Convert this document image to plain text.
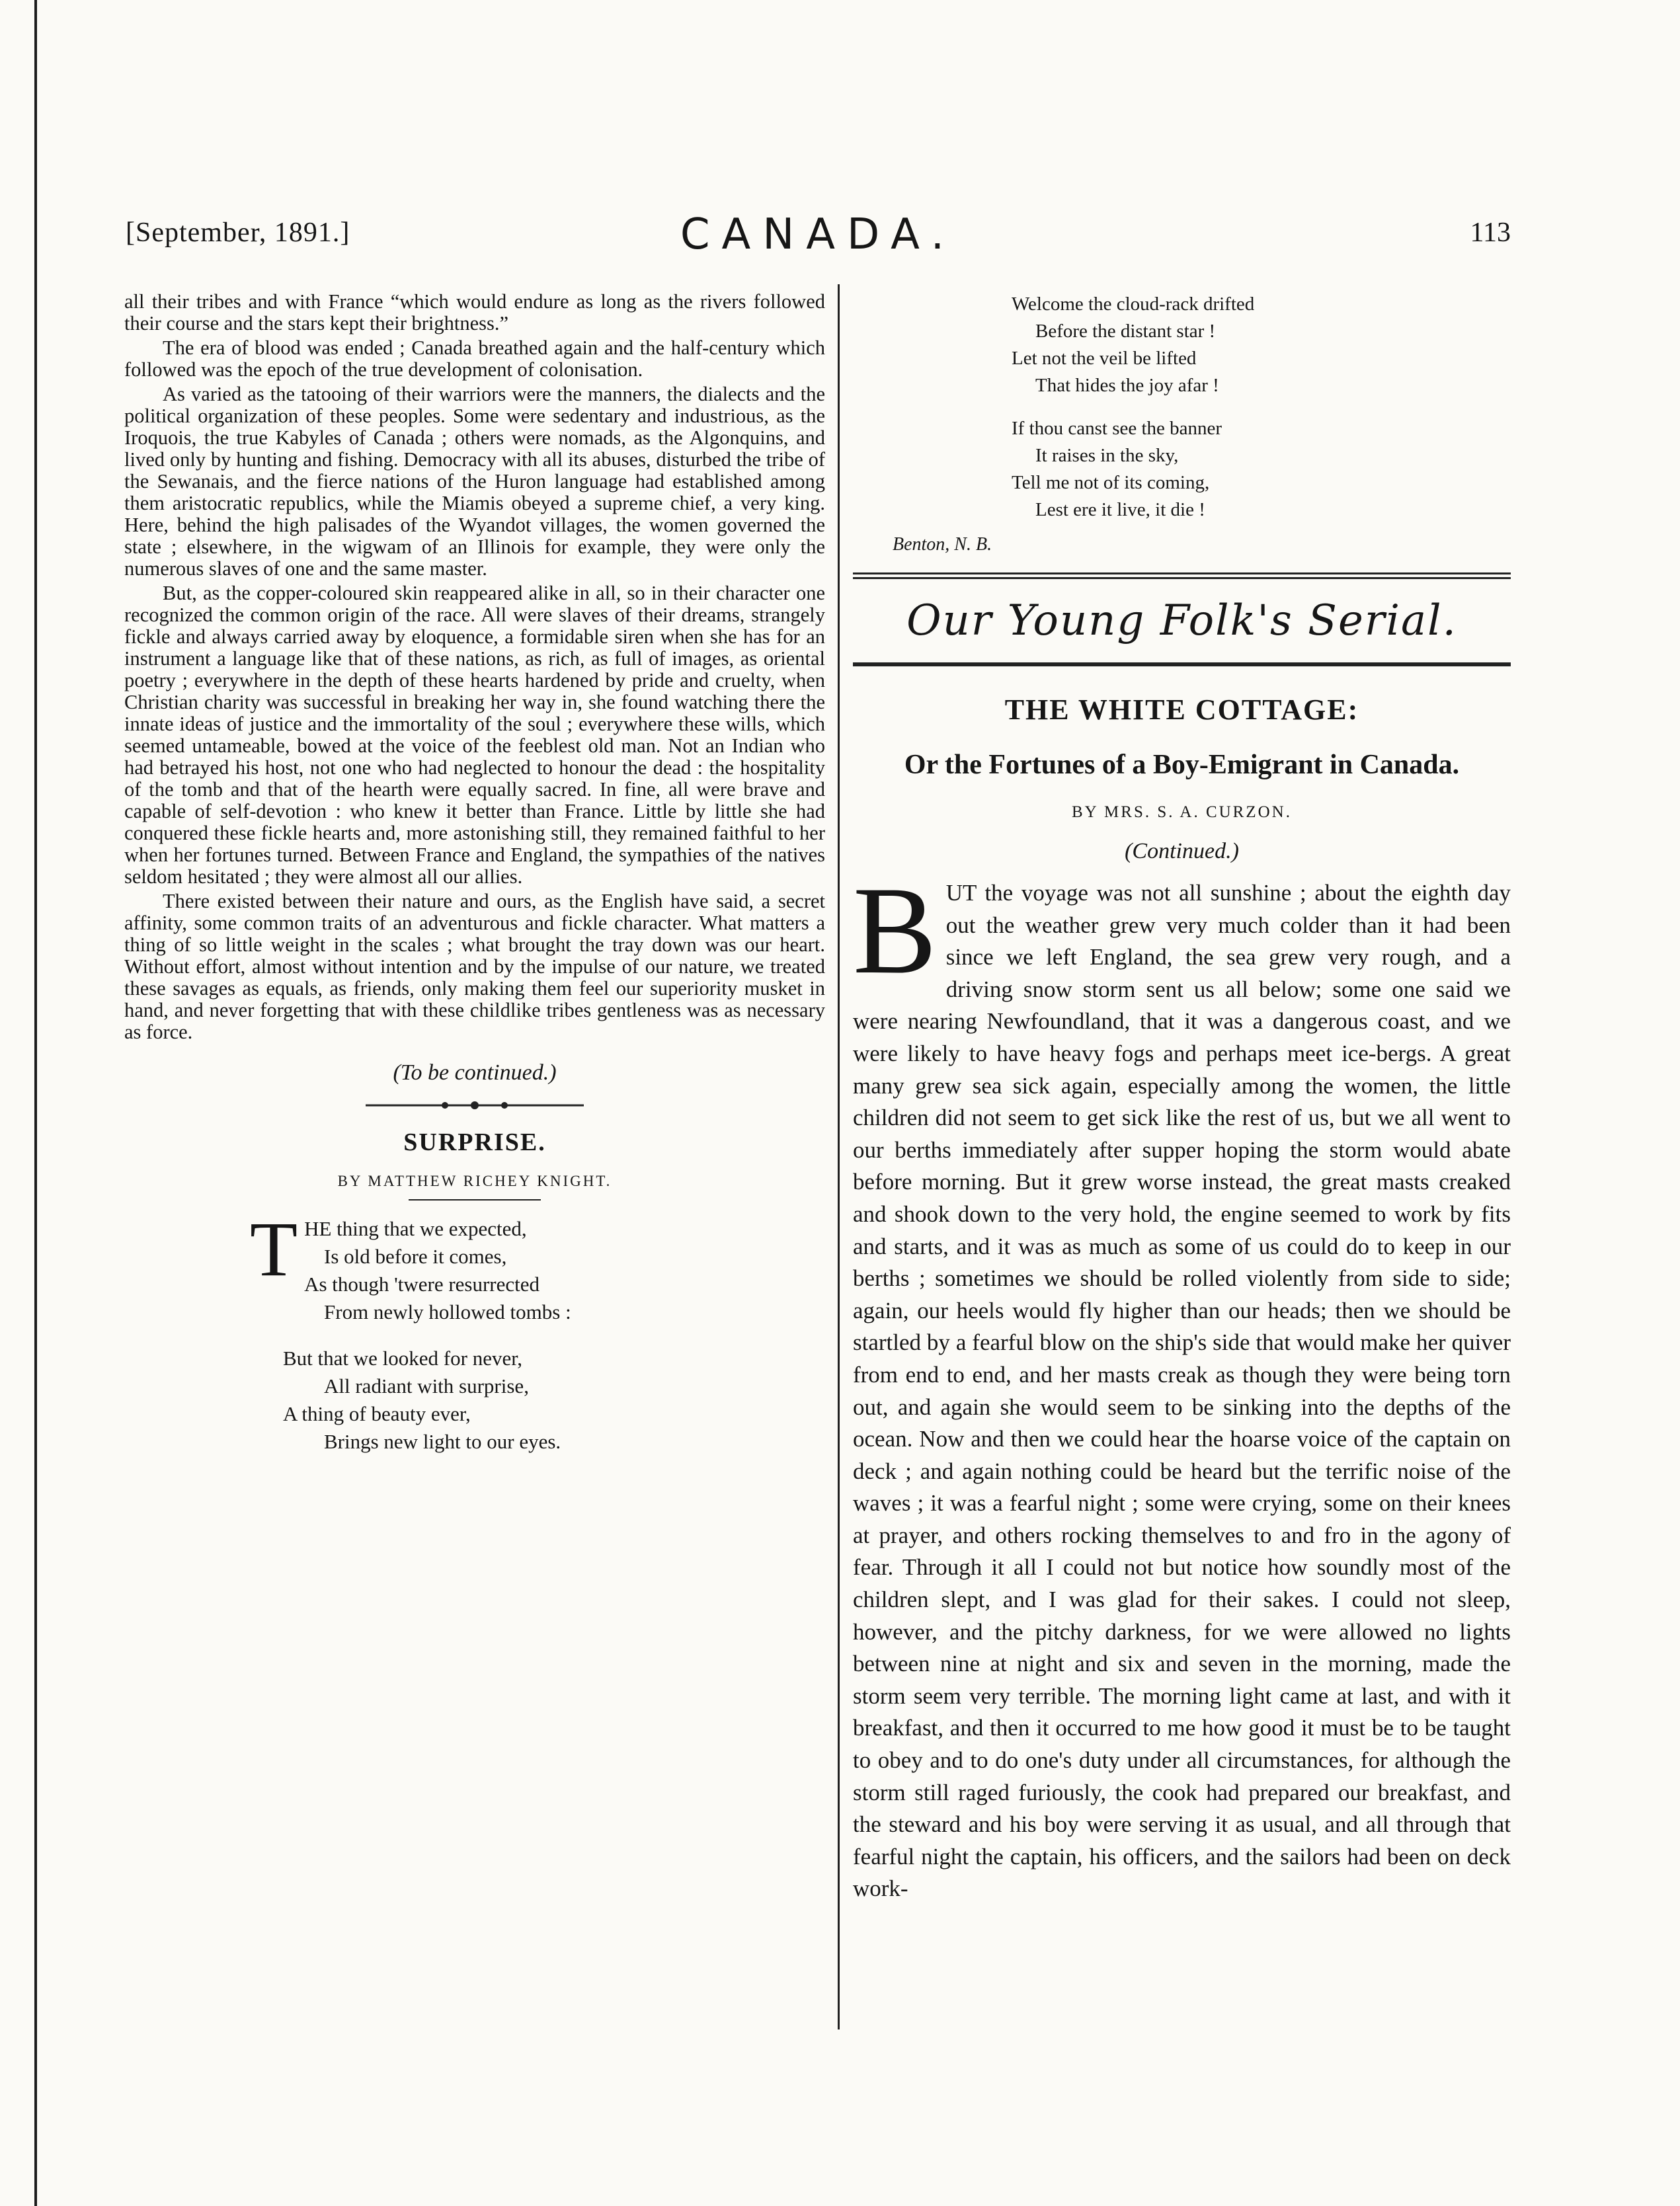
[September, 1891.]	CANADA.	113

all their tribes and with France “which would endure as long as the rivers followed their course and the stars kept their brightness.”

The era of blood was ended ; Canada breathed again and the half-century which followed was the epoch of the true development of colonisation.

As varied as the tatooing of their warriors were the manners, the dialects and the political organization of these peoples. Some were sedentary and industrious, as the Iroquois, the true Kabyles of Canada ; others were nomads, as the Algonquins, and lived only by hunting and fishing. Democracy with all its abuses, disturbed the tribe of the Sewanais, and the fierce nations of the Huron language had established among them aristocratic republics, while the Miamis obeyed a supreme chief, a very king. Here, behind the high palisades of the Wyandot villages, the women governed the state ; elsewhere, in the wigwam of an Illinois for example, they were only the numerous slaves of one and the same master.

But, as the copper-coloured skin reappeared alike in all, so in their character one recognized the common origin of the race. All were slaves of their dreams, strangely fickle and always carried away by eloquence, a formidable siren when she has for an instrument a language like that of these nations, as rich, as full of images, as oriental poetry ; everywhere in the depth of these hearts hardened by pride and cruelty, when Christian charity was successful in breaking her way in, she found watching there the innate ideas of justice and the immortality of the soul ; everywhere these wills, which seemed untameable, bowed at the voice of the feeblest old man. Not an Indian who had betrayed his host, not one who had neglected to honour the dead : the hospitality of the tomb and that of the hearth were equally sacred. In fine, all were brave and capable of self-devotion : who knew it better than France. Little by little she had conquered these fickle hearts and, more astonishing still, they remained faithful to her when her fortunes turned. Between France and England, the sympathies of the natives seldom hesitated ; they were almost all our allies.

There existed between their nature and ours, as the English have said, a secret affinity, some common traits of an adventurous and fickle character. What matters a thing of so little weight in the scales ; what brought the tray down was our heart. Without effort, almost without intention and by the impulse of our nature, we treated these savages as equals, as friends, only making them feel our superiority musket in hand, and never forgetting that with these childlike tribes gentleness was as necessary as force.

(To be continued.)
SURPRISE.
BY MATTHEW RICHEY KNIGHT.
T HE thing that we expected,
Is old before it comes,
As though 'twere resurrected
From newly hollowed tombs :
But that we looked for never,
All radiant with surprise,
A thing of beauty ever,
Brings new light to our eyes.
Welcome the cloud-rack drifted
Before the distant star !
Let not the veil be lifted
That hides the joy afar !
If thou canst see the banner
It raises in the sky,
Tell me not of its coming,
Lest ere it live, it die !
Benton, N. B.
Our Young Folk's Serial.
THE WHITE COTTAGE:
Or the Fortunes of a Boy-Emigrant in Canada.
BY MRS. S. A. CURZON.
(Continued.)
B UT the voyage was not all sunshine ; about the eighth day out the weather grew very much colder than it had been since we left England, the sea grew very rough, and a driving snow storm sent us all below; some one said we were nearing Newfoundland, that it was a dangerous coast, and we were likely to have heavy fogs and perhaps meet ice-bergs. A great many grew sea sick again, especially among the women, the little children did not seem to get sick like the rest of us, but we all went to our berths immediately after supper hoping the storm would abate before morning. But it grew worse instead, the great masts creaked and shook down to the very hold, the engine seemed to work by fits and starts, and it was as much as some of us could do to keep in our berths ; sometimes we should be rolled violently from side to side; again, our heels would fly higher than our heads; then we should be startled by a fearful blow on the ship's side that would make her quiver from end to end, and her masts creak as though they were being torn out, and again she would seem to be sinking into the depths of the ocean. Now and then we could hear the hoarse voice of the captain on deck ; and again nothing could be heard but the terrific noise of the waves ; it was a fearful night ; some were crying, some on their knees at prayer, and others rocking themselves to and fro in the agony of fear. Through it all I could not but notice how soundly most of the children slept, and I was glad for their sakes. I could not sleep, however, and the pitchy darkness, for we were allowed no lights between nine at night and six and seven in the morning, made the storm seem very terrible. The morning light came at last, and with it breakfast, and then it occurred to me how good it must be to be taught to obey and to do one's duty under all circumstances, for although the storm still raged furiously, the cook had prepared our breakfast, and the steward and his boy were serving it as usual, and all through that fearful night the captain, his officers, and the sailors had been on deck work-
